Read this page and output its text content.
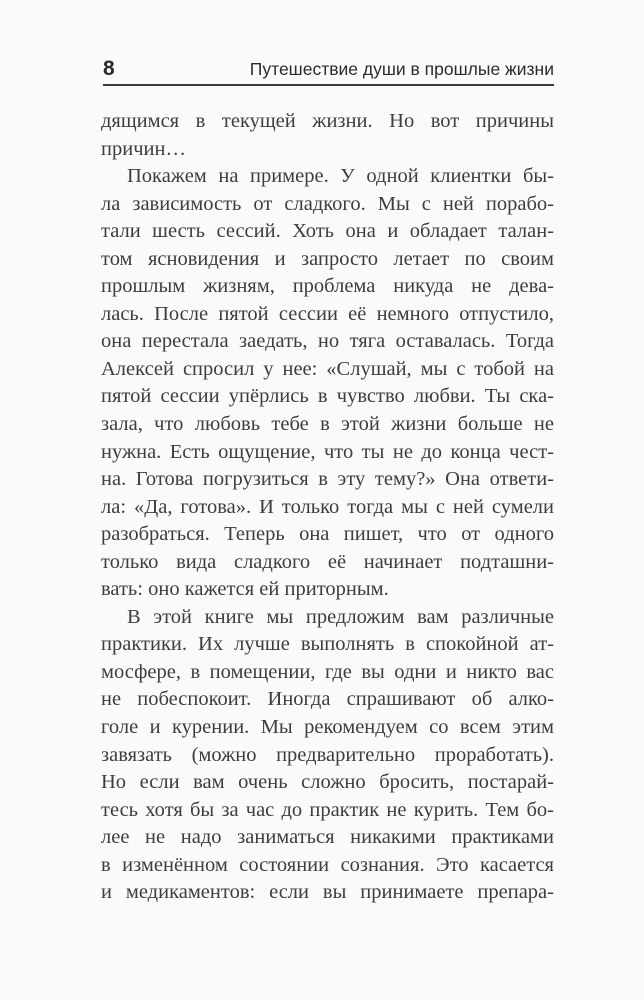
8	Путешествие души в прошлые жизни
дящимся в текущей жизни. Но вот причины
причин…
Покажем на примере. У одной клиентки бы-
ла зависимость от сладкого. Мы с ней порабо-
тали шесть сессий. Хоть она и обладает талан-
том ясновидения и запросто летает по своим
прошлым жизням, проблема никуда не дева-
лась. После пятой сессии её немного отпустило,
она перестала заедать, но тяга оставалась. Тогда
Алексей спросил у нее: «Слушай, мы с тобой на
пятой сессии упёрлись в чувство любви. Ты ска-
зала, что любовь тебе в этой жизни больше не
нужна. Есть ощущение, что ты не до конца чест-
на. Готова погрузиться в эту тему?» Она ответи-
ла: «Да, готова». И только тогда мы с ней сумели
разобраться. Теперь она пишет, что от одного
только вида сладкого её начинает подташни-
вать: оно кажется ей приторным.
В этой книге мы предложим вам различные
практики. Их лучше выполнять в спокойной ат-
мосфере, в помещении, где вы одни и никто вас
не побеспокоит. Иногда спрашивают об алко-
голе и курении. Мы рекомендуем со всем этим
завязать (можно предварительно проработать).
Но если вам очень сложно бросить, постарай-
тесь хотя бы за час до практик не курить. Тем бо-
лее не надо заниматься никакими практиками
в изменённом состоянии сознания. Это касается
и медикаментов: если вы принимаете препара-
